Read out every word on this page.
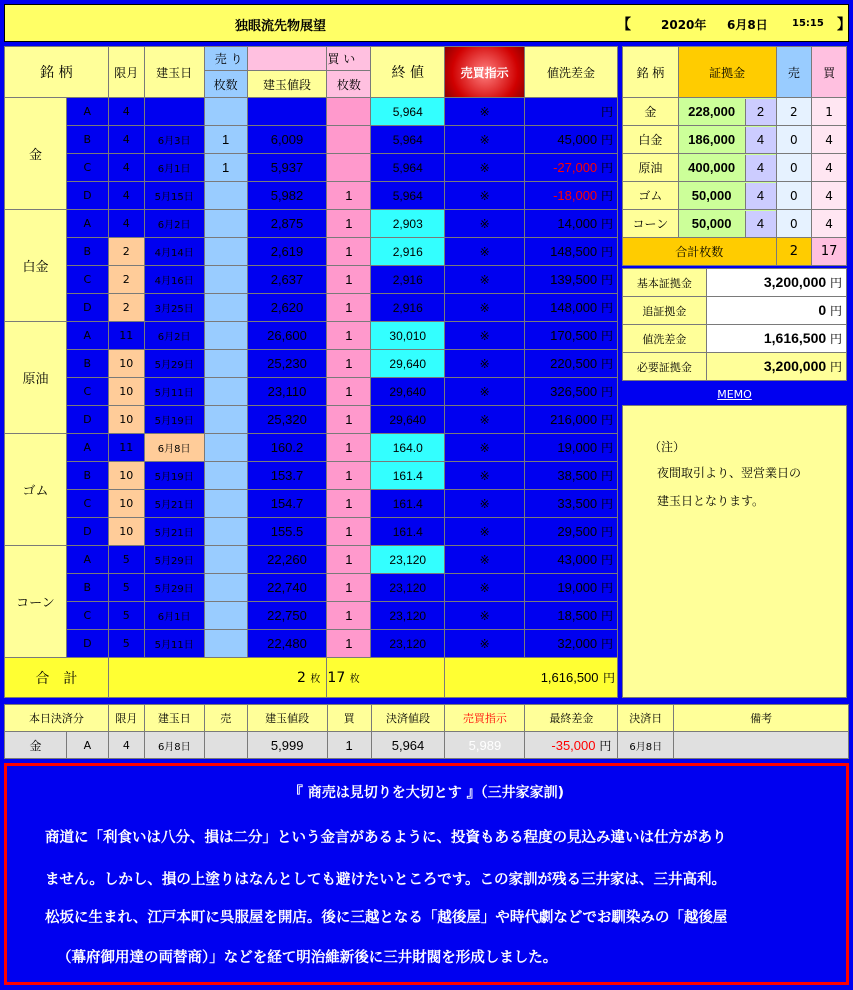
独眼流先物展望	【	2020年 6月8日 15:15 】
銘 柄		限月	建玉日	売 り		買 い	終 値	売買指示	値洗差金
				枚数	建玉値段	枚数			
金	A	4					5,964	※	円
	B	4	6月3日	1	6,009		5,964	※	45,000 円
	C	4	6月1日	1	5,937		5,964	※	-27,000 円
	D	4	5月15日		5,982	1	5,964	※	-18,000 円
白金	A	4	6月2日		2,875	1	2,903	※	14,000 円
	B	2	4月14日		2,619	1	2,916	※	148,500 円
	C	2	4月16日		2,637	1	2,916	※	139,500 円
	D	2	3月25日		2,620	1	2,916	※	148,000 円
原油	A	11	6月2日		26,600	1	30,010	※	170,500 円
	B	10	5月29日		25,230	1	29,640	※	220,500 円
	C	10	5月11日		23,110	1	29,640	※	326,500 円
	D	10	5月19日		25,320	1	29,640	※	216,000 円
ゴム	A	11	6月8日		160.2	1	164.0	※	19,000 円
	B	10	5月19日		153.7	1	161.4	※	38,500 円
	C	10	5月21日		154.7	1	161.4	※	33,500 円
	D	10	5月21日		155.5	1	161.4	※	29,500 円
コーン	A	5	5月29日		22,260	1	23,120	※	43,000 円
	B	5	5月29日		22,740	1	23,120	※	19,000 円
	C	5	6月1日		22,750	1	23,120	※	18,500 円
	D	5	5月11日		22,480	1	23,120	※	32,000 円
合　計		2 枚				17 枚		1,616,500 円	
銘 柄	証拠金	売	買
金	228,000 2	2	1
白金	186,000 4	0	4
原油	400,000 4	0	4
ゴム	50,000 4	0	4
コーン	50,000 4	0	4
合計枚数		2	17
基本証拠金	3,200,000 円
追証拠金	0 円
値洗差金	1,616,500 円
必要証拠金	3,200,000 円
MEMO
（注）
夜間取引より、翌営業日の
建玉日となります。
本日決済分		限月	建玉日	売	建玉値段	買	決済値段	売買指示	最終差金	決済日	備考
金	A	4	6月8日		5,999	1	5,964	5,989	-35,000 円	6月8日	
『 商売は見切りを大切とす 』（三井家家訓)
商道に「利食いは八分、損は二分」という金言があるように、投資もある程度の見込み違いは仕方があり
ません。しかし、損の上塗りはなんとしても避けたいところです。この家訓が残る三井家は、三井高利。
松坂に生まれ、江戸本町に呉服屋を開店。後に三越となる「越後屋」や時代劇などでお馴染みの「越後屋
（幕府御用達の両替商）」などを経て明治維新後に三井財閥を形成しました。
